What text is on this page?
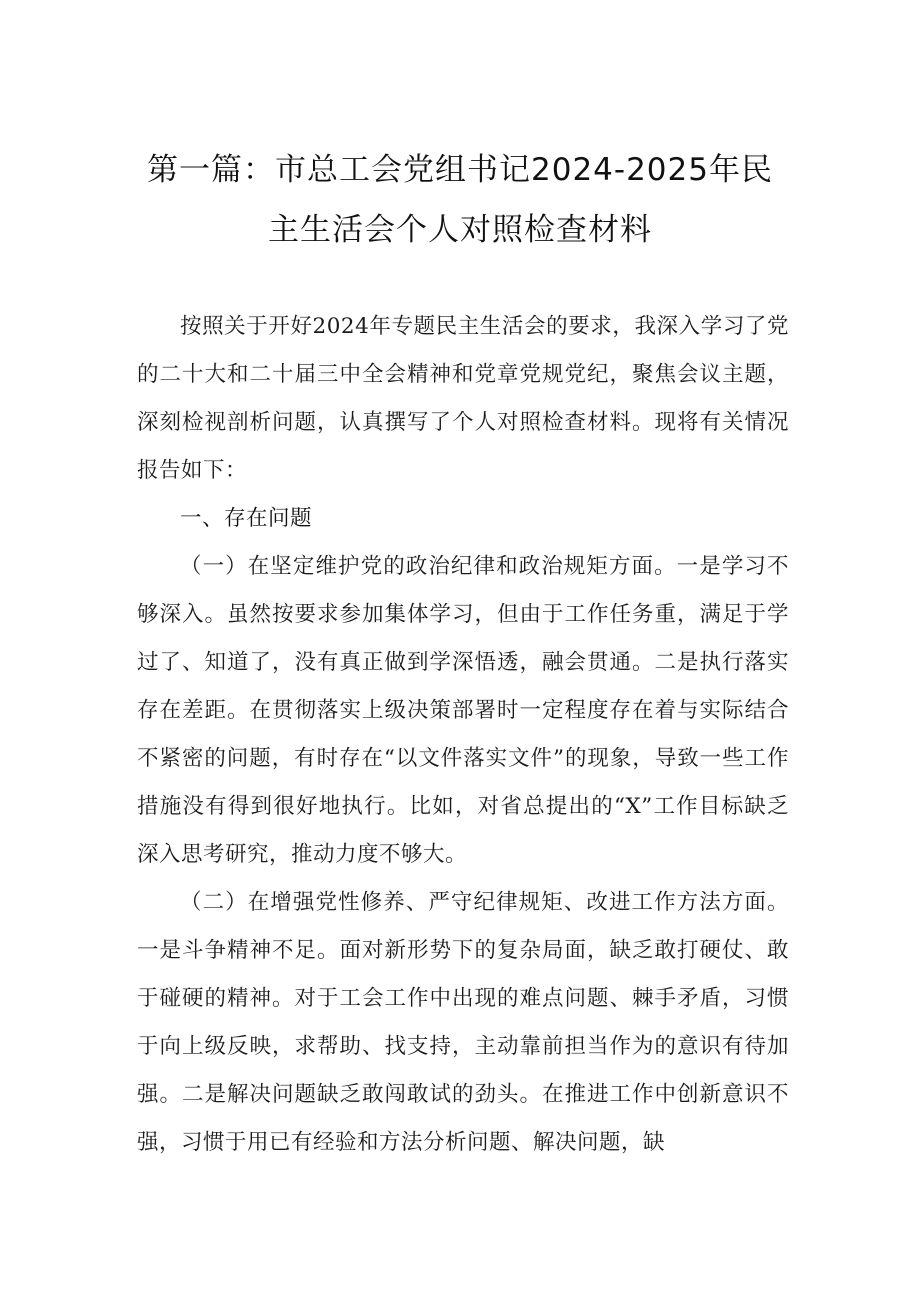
第一篇：市总工会党组书记2024-2025年民
主生活会个人对照检查材料

按照关于开好2024年专题民主生活会的要求，我深入学习了党的二十大和二十届三中全会精神和党章党规党纪，聚焦会议主题，深刻检视剖析问题，认真撰写了个人对照检查材料。现将有关情况报告如下：

一、存在问题

（一）在坚定维护党的政治纪律和政治规矩方面。一是学习不够深入。虽然按要求参加集体学习，但由于工作任务重，满足于学过了、知道了，没有真正做到学深悟透，融会贯通。二是执行落实存在差距。在贯彻落实上级决策部署时一定程度存在着与实际结合不紧密的问题，有时存在“以文件落实文件”的现象，导致一些工作措施没有得到很好地执行。比如，对省总提出的“X”工作目标缺乏深入思考研究，推动力度不够大。

（二）在增强党性修养、严守纪律规矩、改进工作方法方面。一是斗争精神不足。面对新形势下的复杂局面，缺乏敢打硬仗、敢于碰硬的精神。对于工会工作中出现的难点问题、棘手矛盾，习惯于向上级反映，求帮助、找支持，主动靠前担当作为的意识有待加强。二是解决问题缺乏敢闯敢试的劲头。在推进工作中创新意识不强，习惯于用已有经验和方法分析问题、解决问题，缺
